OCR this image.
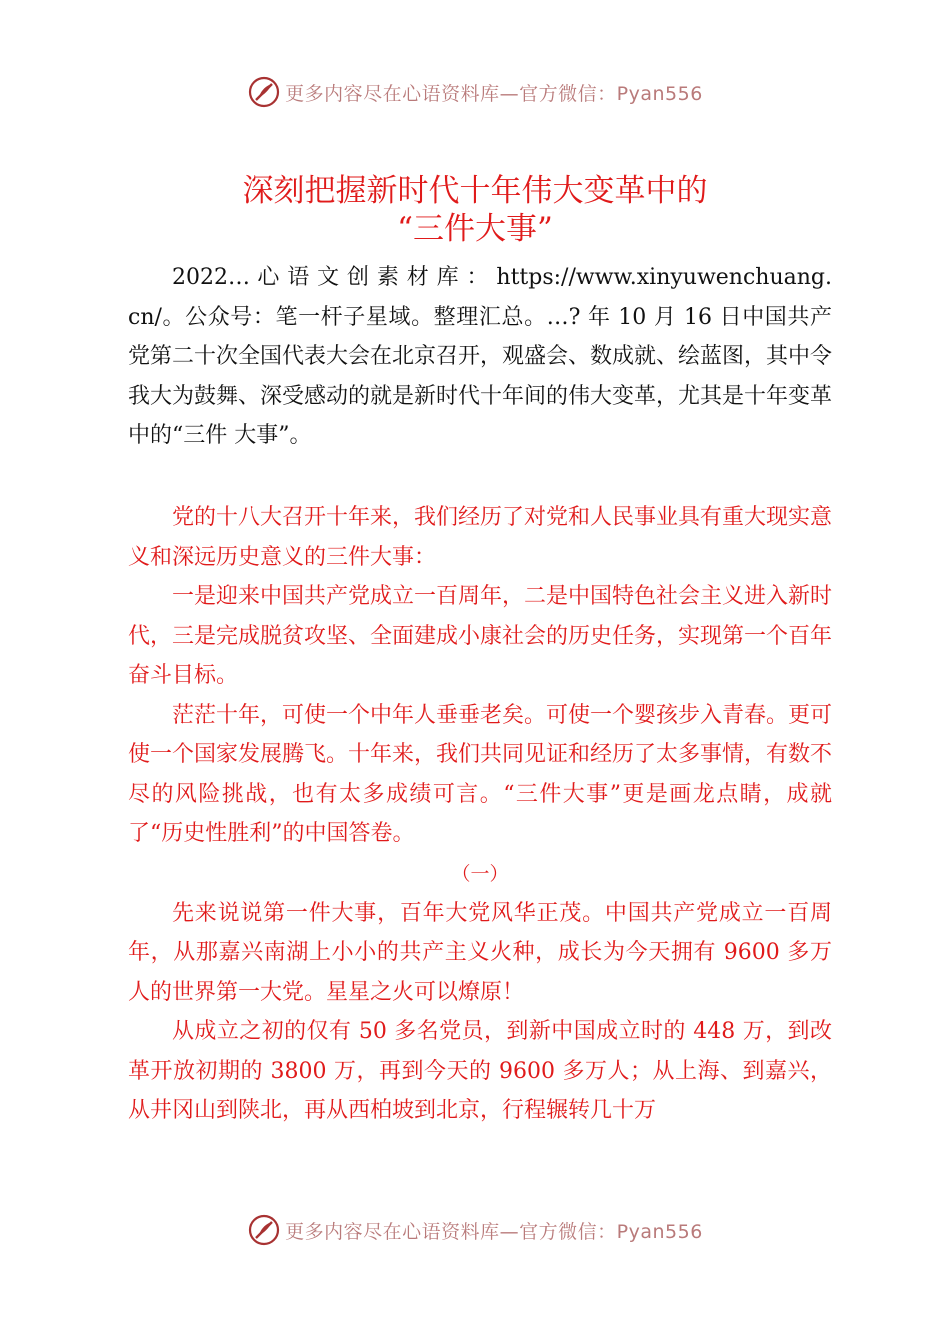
更多内容尽在心语资料库—官方微信：Pyan556
深刻把握新时代十年伟大变革中的
“三件大事”

2022… 心 语 文 创 素 材 库 ： https://www.xinyuwenchuang.cn/。公众号：笔一杆子星域。整理汇总。…? 年 10 月 16 日中国共产党第二十次全国代表大会在北京召开，观盛会、数成就、绘蓝图，其中令我大为鼓舞、深受感动的就是新时代十年间的伟大变革，尤其是十年变革中的“三件 大事”。

党的十八大召开十年来，我们经历了对党和人民事业具有重大现实意义和深远历史意义的三件大事：

一是迎来中国共产党成立一百周年，二是中国特色社会主义进入新时代，三是完成脱贫攻坚、全面建成小康社会的历史任务，实现第一个百年奋斗目标。

茫茫十年，可使一个中年人垂垂老矣。可使一个婴孩步入青春。更可使一个国家发展腾飞。十年来，我们共同见证和经历了太多事情，有数不尽的风险挑战，也有太多成绩可言。“三件大事”更是画龙点睛，成就了“历史性胜利”的中国答卷。

（一）

先来说说第一件大事，百年大党风华正茂。中国共产党成立一百周年，从那嘉兴南湖上小小的共产主义火种，成长为今天拥有 9600 多万人的世界第一大党。星星之火可以燎原！

从成立之初的仅有 50 多名党员，到新中国成立时的 448 万，到改革开放初期的 3800 万，再到今天的 9600 多万人；从上海、到嘉兴，从井冈山到陕北，再从西柏坡到北京，行程辗转几十万

更多内容尽在心语资料库—官方微信：Pyan556
